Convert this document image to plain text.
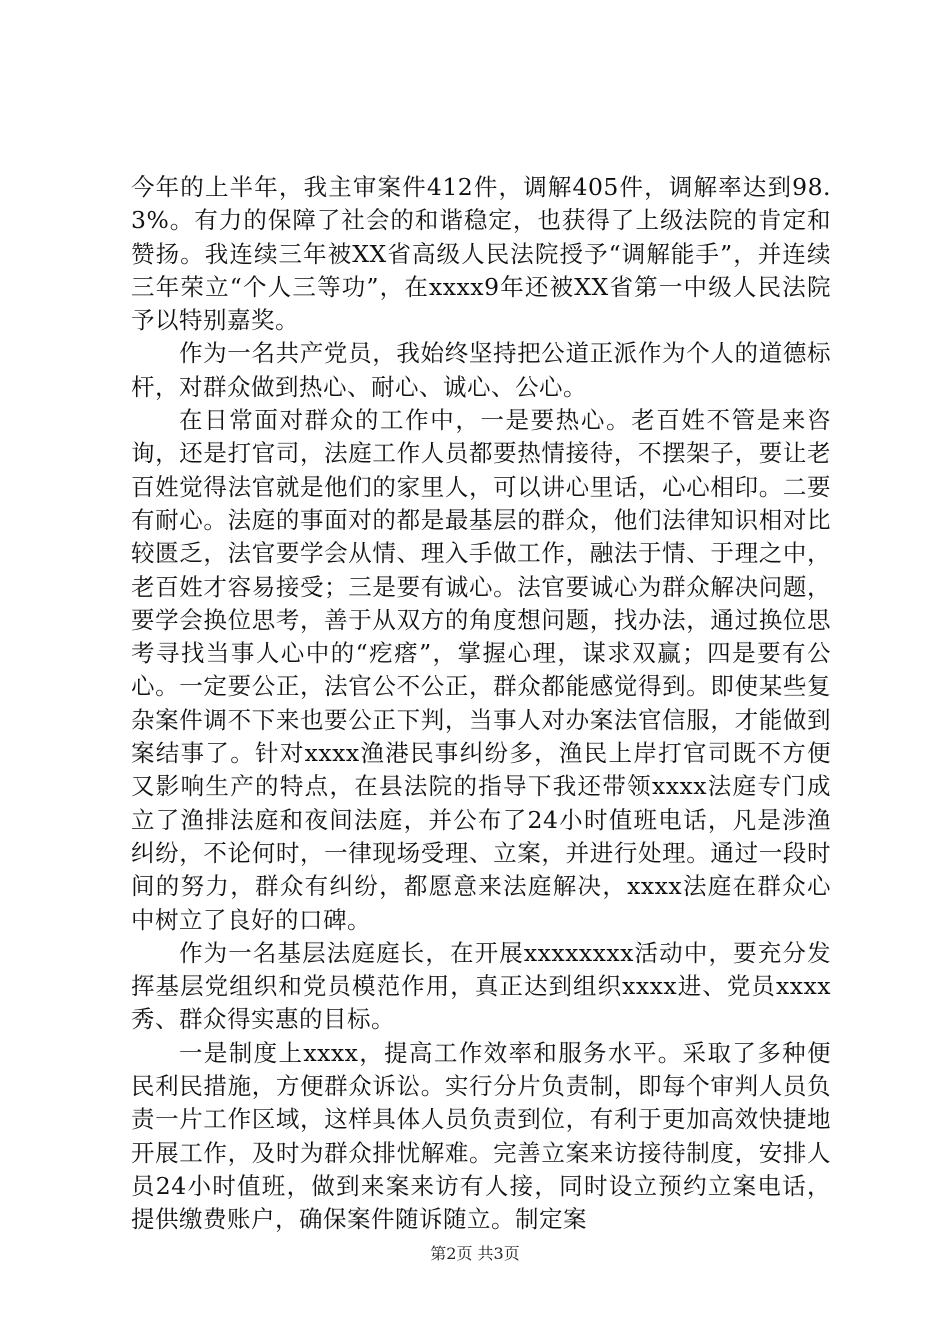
今年的上半年，我主审案件412件，调解405件，调解率达到98.3%。有力的保障了社会的和谐稳定，也获得了上级法院的肯定和赞扬。我连续三年被XX省高级人民法院授予“调解能手”，并连续三年荣立“个人三等功”，在xxxx9年还被XX省第一中级人民法院予以特别嘉奖。

作为一名共产党员，我始终坚持把公道正派作为个人的道德标杆，对群众做到热心、耐心、诚心、公心。

在日常面对群众的工作中，一是要热心。老百姓不管是来咨询，还是打官司，法庭工作人员都要热情接待，不摆架子，要让老百姓觉得法官就是他们的家里人，可以讲心里话，心心相印。二要有耐心。法庭的事面对的都是最基层的群众，他们法律知识相对比较匮乏，法官要学会从情、理入手做工作，融法于情、于理之中，老百姓才容易接受；三是要有诚心。法官要诚心为群众解决问题，要学会换位思考，善于从双方的角度想问题，找办法，通过换位思考寻找当事人心中的“疙瘩”，掌握心理，谋求双赢；四是要有公心。一定要公正，法官公不公正，群众都能感觉得到。即使某些复杂案件调不下来也要公正下判，当事人对办案法官信服，才能做到案结事了。针对xxxx渔港民事纠纷多，渔民上岸打官司既不方便又影响生产的特点，在县法院的指导下我还带领xxxx法庭专门成立了渔排法庭和夜间法庭，并公布了24小时值班电话，凡是涉渔纠纷，不论何时，一律现场受理、立案，并进行处理。通过一段时间的努力，群众有纠纷，都愿意来法庭解决，xxxx法庭在群众心中树立了良好的口碑。

作为一名基层法庭庭长，在开展xxxxxxxx活动中，要充分发挥基层党组织和党员模范作用，真正达到组织xxxx进、党员xxxx秀、群众得实惠的目标。

一是制度上xxxx，提高工作效率和服务水平。采取了多种便民利民措施，方便群众诉讼。实行分片负责制，即每个审判人员负责一片工作区域，这样具体人员负责到位，有利于更加高效快捷地开展工作，及时为群众排忧解难。完善立案来访接待制度，安排人员24小时值班，做到来案来访有人接，同时设立预约立案电话，提供缴费账户，确保案件随诉随立。制定案

第2页 共3页
